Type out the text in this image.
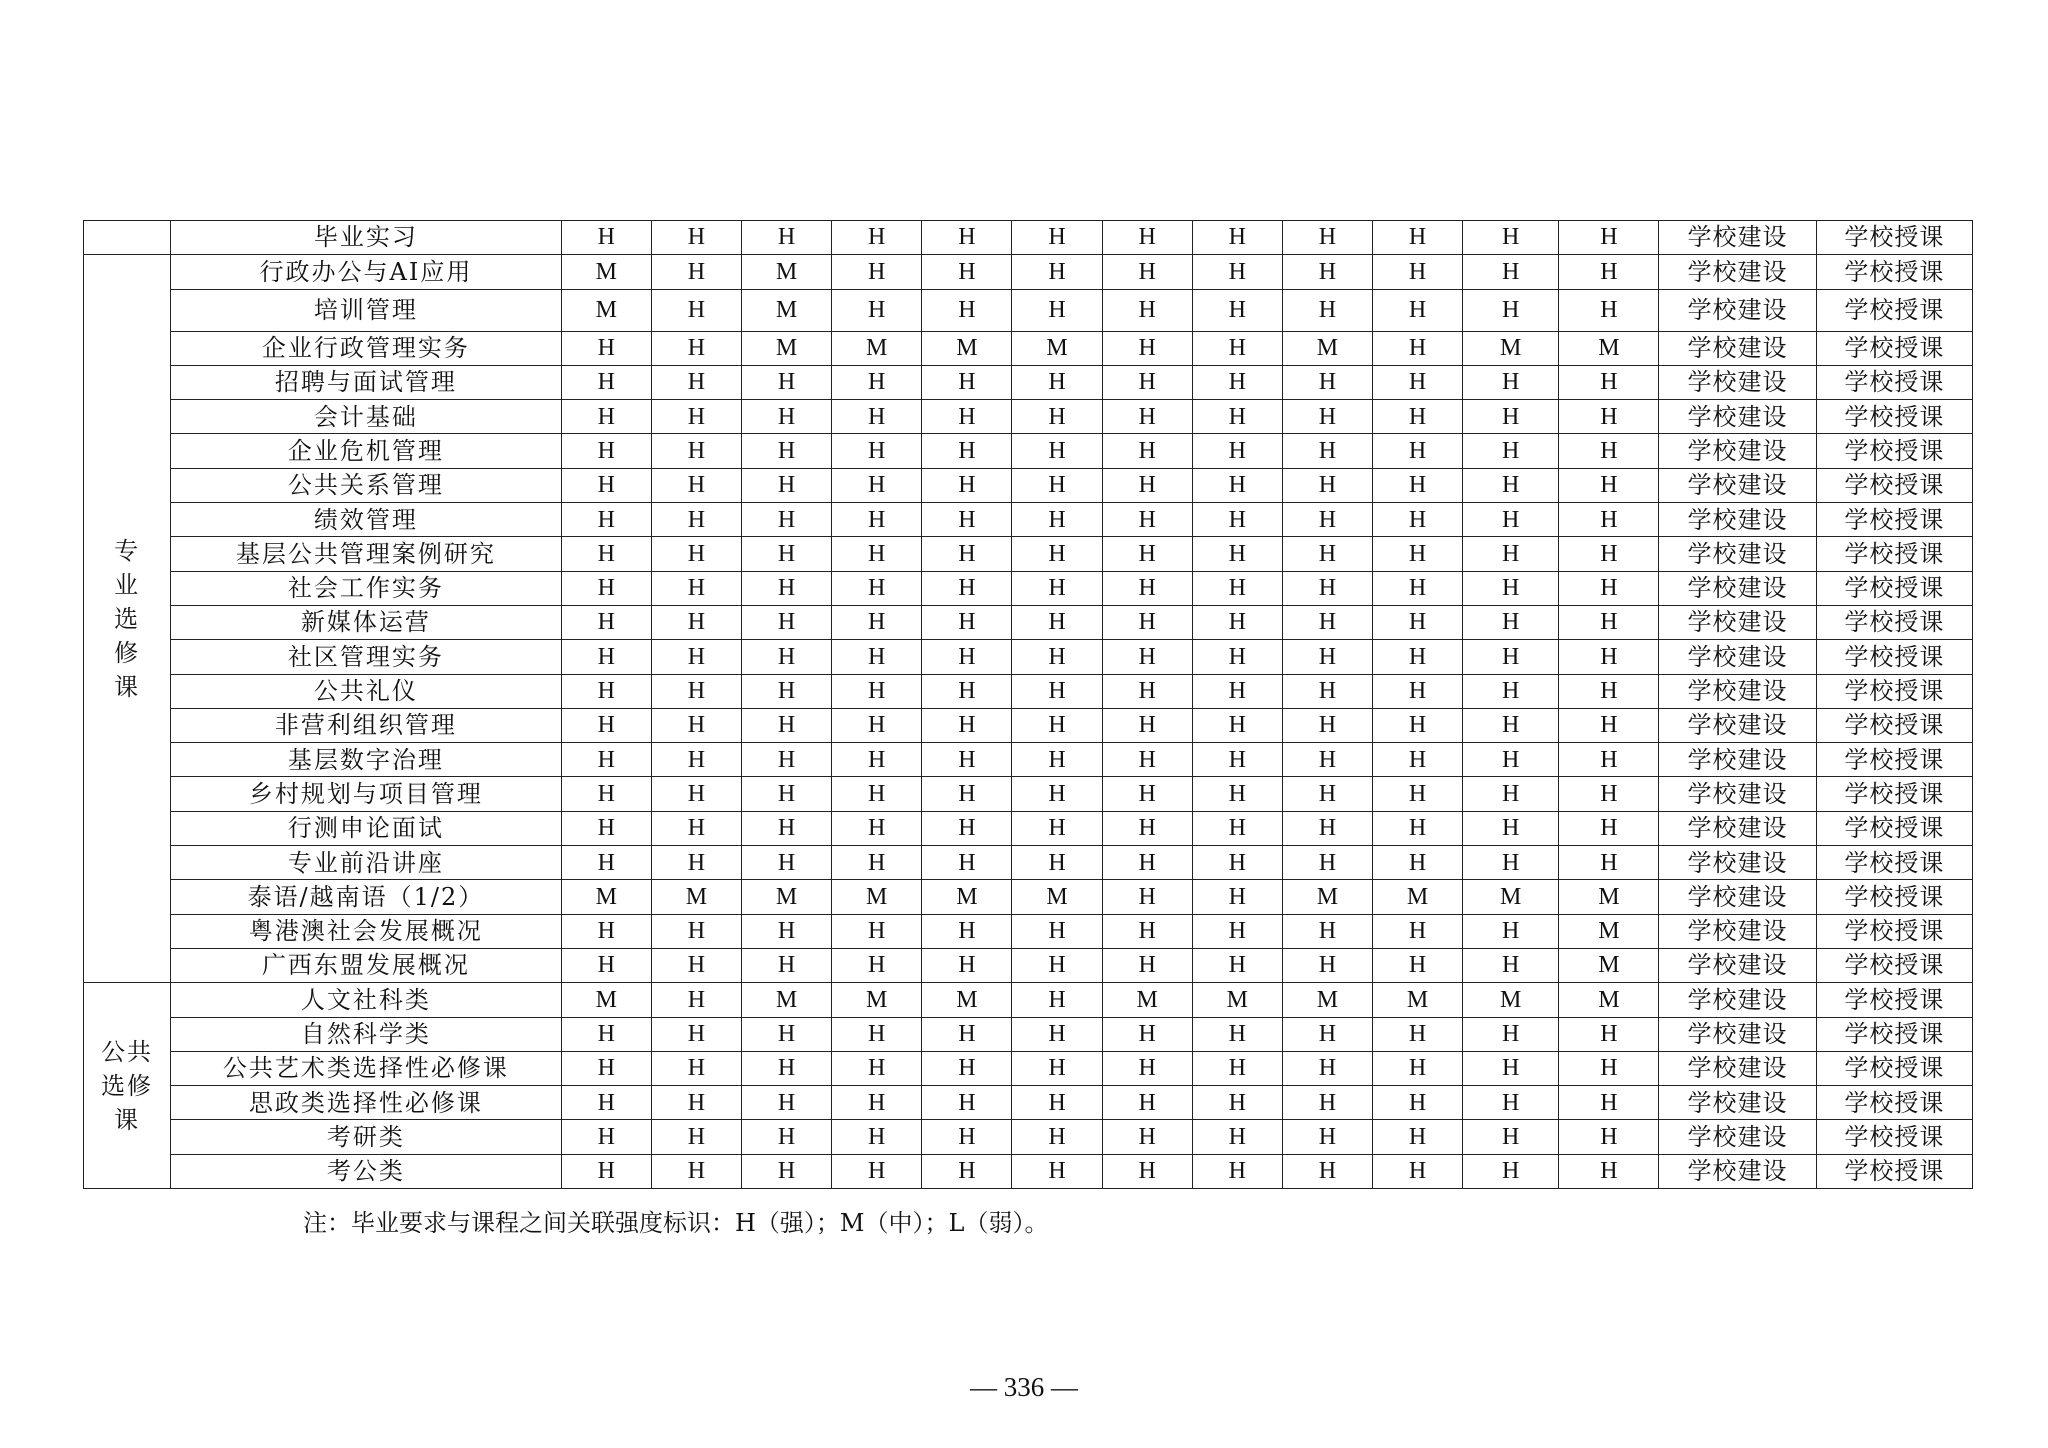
	毕业实习	H	H	H	H	H	H	H	H	H	H	H	H	学校建设	学校授课
专业选修课	行政办公与AI应用	M	H	M	H	H	H	H	H	H	H	H	H	学校建设	学校授课
	培训管理	M	H	M	H	H	H	H	H	H	H	H	H	学校建设	学校授课
	企业行政管理实务	H	H	M	M	M	M	H	H	M	H	M	M	学校建设	学校授课
	招聘与面试管理	H	H	H	H	H	H	H	H	H	H	H	H	学校建设	学校授课
	会计基础	H	H	H	H	H	H	H	H	H	H	H	H	学校建设	学校授课
	企业危机管理	H	H	H	H	H	H	H	H	H	H	H	H	学校建设	学校授课
	公共关系管理	H	H	H	H	H	H	H	H	H	H	H	H	学校建设	学校授课
	绩效管理	H	H	H	H	H	H	H	H	H	H	H	H	学校建设	学校授课
	基层公共管理案例研究	H	H	H	H	H	H	H	H	H	H	H	H	学校建设	学校授课
	社会工作实务	H	H	H	H	H	H	H	H	H	H	H	H	学校建设	学校授课
	新媒体运营	H	H	H	H	H	H	H	H	H	H	H	H	学校建设	学校授课
	社区管理实务	H	H	H	H	H	H	H	H	H	H	H	H	学校建设	学校授课
	公共礼仪	H	H	H	H	H	H	H	H	H	H	H	H	学校建设	学校授课
	非营利组织管理	H	H	H	H	H	H	H	H	H	H	H	H	学校建设	学校授课
	基层数字治理	H	H	H	H	H	H	H	H	H	H	H	H	学校建设	学校授课
	乡村规划与项目管理	H	H	H	H	H	H	H	H	H	H	H	H	学校建设	学校授课
	行测申论面试	H	H	H	H	H	H	H	H	H	H	H	H	学校建设	学校授课
	专业前沿讲座	H	H	H	H	H	H	H	H	H	H	H	H	学校建设	学校授课
	泰语/越南语（1/2）	M	M	M	M	M	M	H	H	M	M	M	M	学校建设	学校授课
	粤港澳社会发展概况	H	H	H	H	H	H	H	H	H	H	H	M	学校建设	学校授课
	广西东盟发展概况	H	H	H	H	H	H	H	H	H	H	H	M	学校建设	学校授课
公共选修课	人文社科类	M	H	M	M	M	H	M	M	M	M	M	M	学校建设	学校授课
	自然科学类	H	H	H	H	H	H	H	H	H	H	H	H	学校建设	学校授课
	公共艺术类选择性必修课	H	H	H	H	H	H	H	H	H	H	H	H	学校建设	学校授课
	思政类选择性必修课	H	H	H	H	H	H	H	H	H	H	H	H	学校建设	学校授课
	考研类	H	H	H	H	H	H	H	H	H	H	H	H	学校建设	学校授课
	考公类	H	H	H	H	H	H	H	H	H	H	H	H	学校建设	学校授课
注：毕业要求与课程之间关联强度标识：H（强）；M（中）；L（弱）。
— 336 —
